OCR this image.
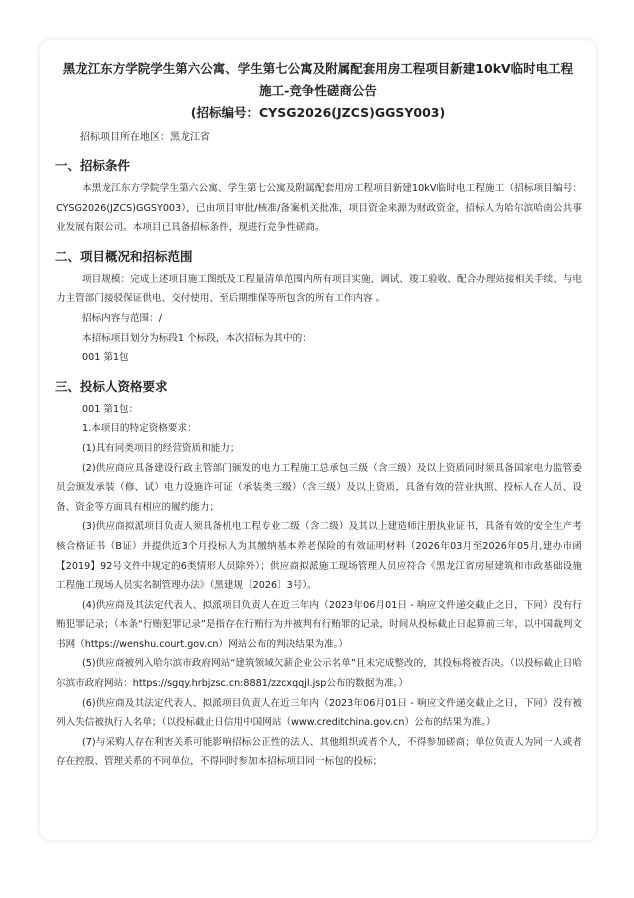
黑龙江东方学院学生第六公寓、学生第七公寓及附属配套用房工程项目新建10kV临时电工程
施工-竞争性磋商公告
(招标编号：CYSG2026(JZCS)GGSY003)
招标项目所在地区：黑龙江省
一、招标条件

本黑龙江东方学院学生第六公寓、学生第七公寓及附属配套用房工程项目新建10kV临时电工程施工（招标项目编号：CYSG2026(JZCS)GGSY003），已由项目审批/核准/备案机关批准，项目资金来源为财政资金，招标人为哈尔滨哈南公共事业发展有限公司。本项目已具备招标条件，现进行竞争性磋商。

二、项目概况和招标范围

项目规模：完成上述项目施工图纸及工程量清单范围内所有项目实施、调试、竣工验收、配合办理站接相关手续、与电力主管部门接驳保证供电、交付使用、至后期维保等所包含的所有工作内容 。

招标内容与范围：/

本招标项目划分为标段1 个标段，本次招标为其中的：

001 第1包

三、投标人资格要求

001 第1包：

1.本项目的特定资格要求：

(1)具有同类项目的经营资质和能力；

(2)供应商应具备建设行政主管部门颁发的电力工程施工总承包三级（含三级）及以上资质同时须具备国家电力监管委员会颁发承装（修、试）电力设施许可证（承装类三级）（含三级）及以上资质，具备有效的营业执照、投标人在人员、设备、资金等方面具有相应的履约能力；

(3)供应商拟派项目负责人须具备机电工程专业二级（含二级）及其以上建造师注册执业证书，具备有效的安全生产考核合格证书（B证）并提供近3个月投标人为其缴纳基本养老保险的有效证明材料（2026年03月至2026年05月,建办市函【2019】92号文件中规定的6类情形人员除外）；供应商拟派施工现场管理人员应符合《黑龙江省房屋建筑和市政基础设施工程施工现场人员实名制管理办法》（黑建规〔2026〕3号）。

(4)供应商及其法定代表人、拟派项目负责人在近三年内（2023年06月01日 - 响应文件递交截止之日，下同）没有行贿犯罪记录；（本条“行贿犯罪记录”是指存在行贿行为并被判有行贿罪的记录，时间从投标截止日起算前三年，以中国裁判文书网（https://wenshu.court.gov.cn）网站公布的判决结果为准。）

(5)供应商被列入哈尔滨市政府网站“建筑领域欠薪企业公示名单”且未完成整改的，其投标将被否决。（以投标截止日哈尔滨市政府网站：https://sgqy.hrbjzsc.cn:8881/zzcxqqjl.jsp公布的数据为准。）

(6)供应商及其法定代表人、拟派项目负责人在近三年内（2023年06月01日 - 响应文件递交截止之日，下同）没有被列入失信被执行人名单；（以投标截止日信用中国网站（www.creditchina.gov.cn）公布的结果为准。）

(7)与采购人存在利害关系可能影响招标公正性的法人、其他组织或者个人，不得参加磋商；单位负责人为同一人或者存在控股、管理关系的不同单位，不得同时参加本招标项目同一标包的投标；
